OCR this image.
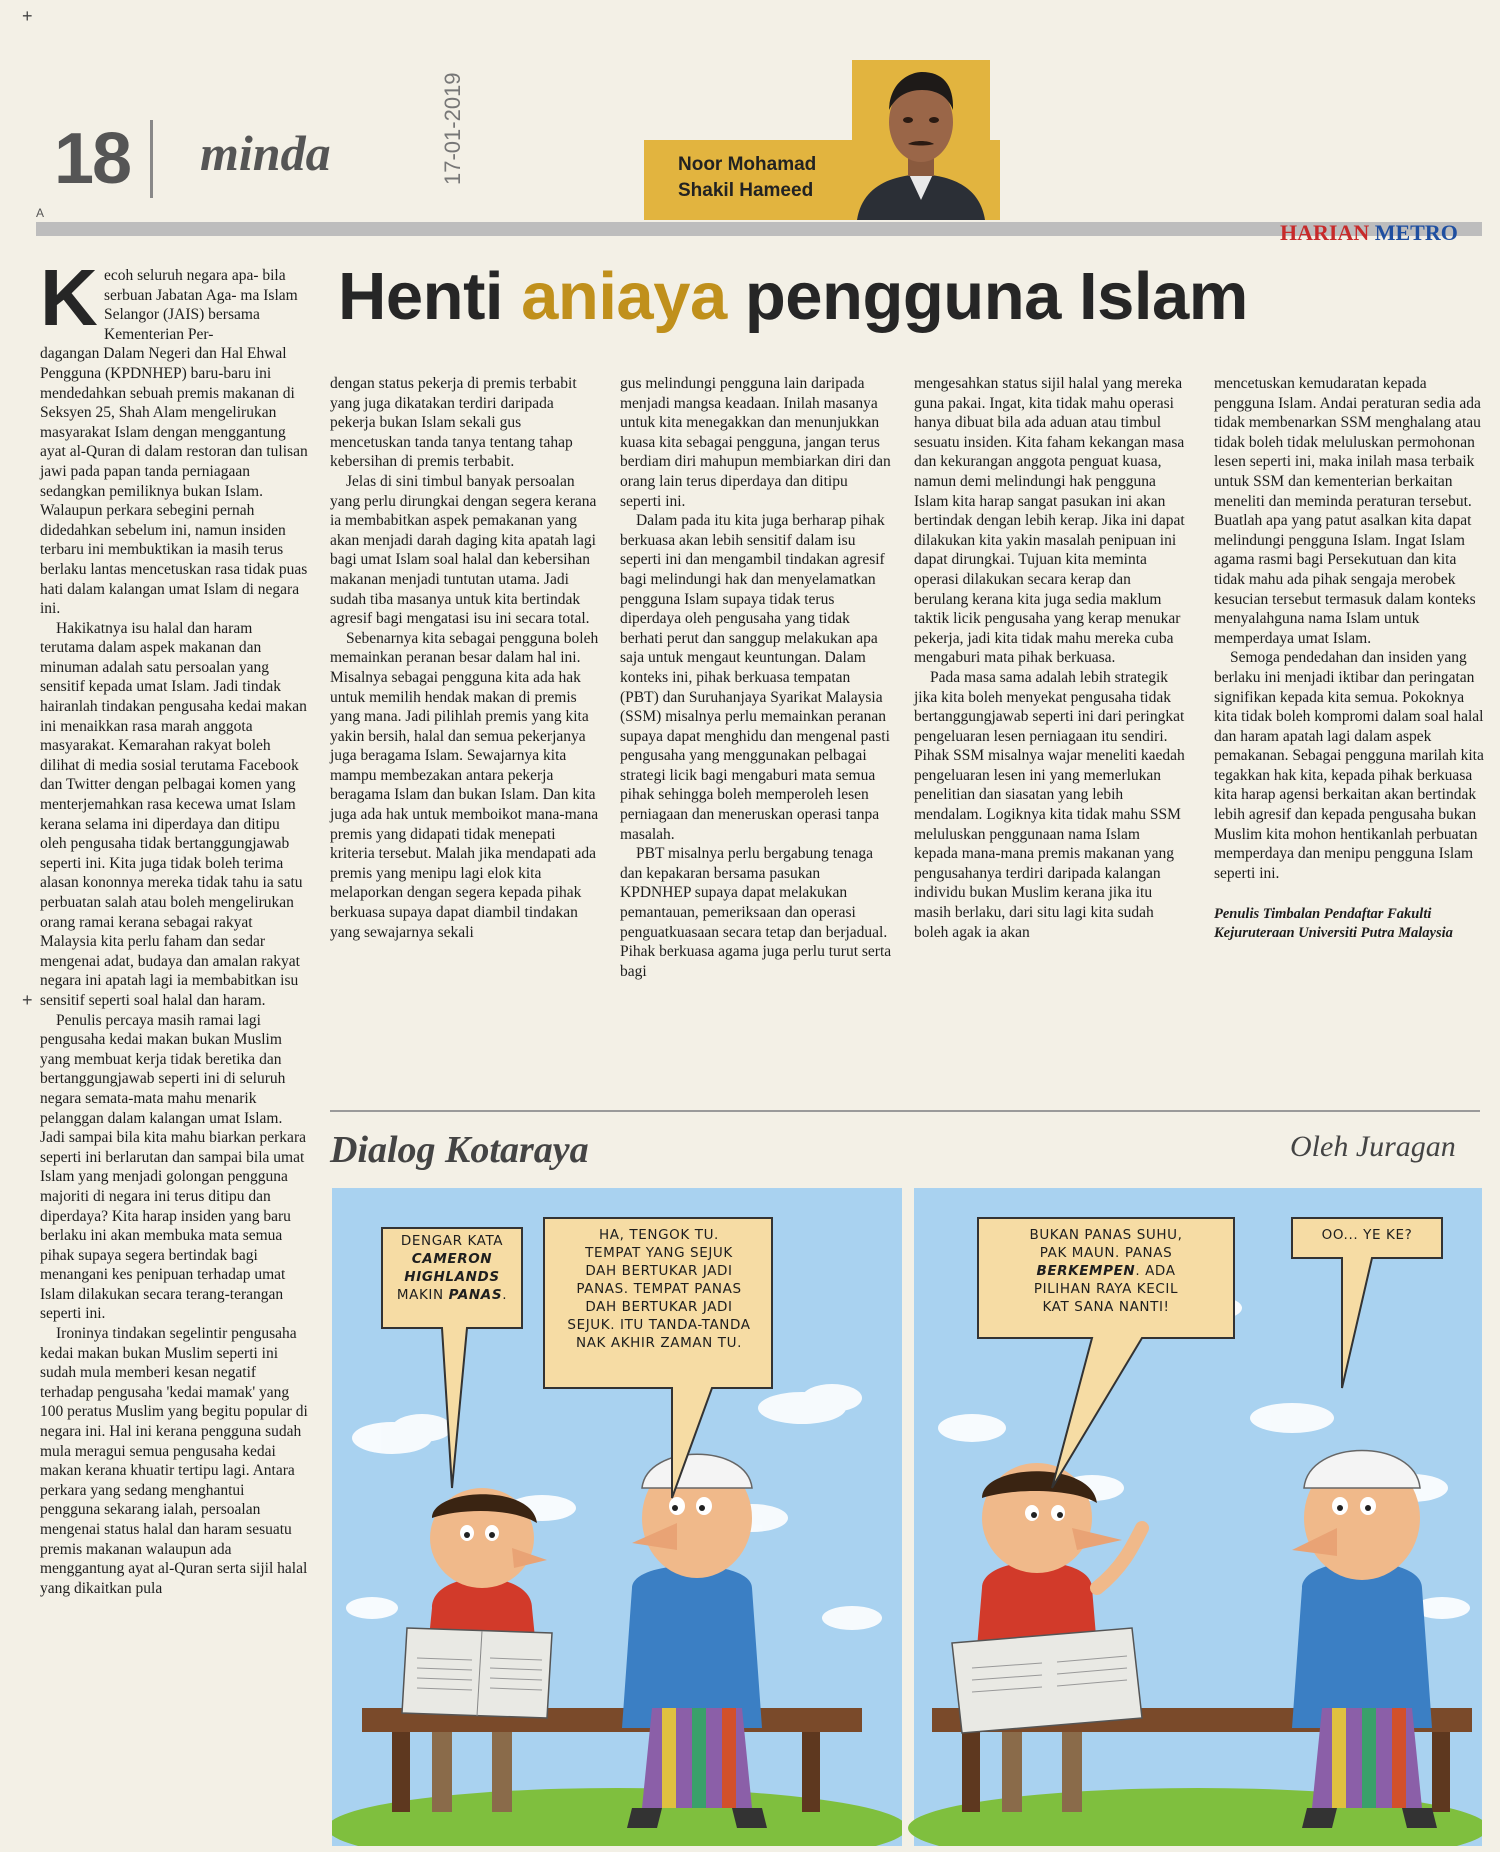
+
+
18
A
minda	17-01-2019	Noor Mohamad
Shakil Hameed
HARIAN METRO
Henti aniaya pengguna Islam
K ecoh seluruh negara apa- bila serbuan Jabatan Aga- ma Islam Selangor (JAIS) bersama Kementerian Per-
dagangan Dalam Negeri dan Hal Ehwal Pengguna (KPDNHEP) baru-baru ini mendedahkan sebuah premis makanan di Seksyen 25, Shah Alam mengelirukan masyarakat Islam dengan menggantung ayat al-Quran di dalam restoran dan tulisan jawi pada papan tanda perniagaan sedangkan pemiliknya bukan Islam. Walaupun perkara sebegini pernah didedahkan sebelum ini, namun insiden terbaru ini membuktikan ia masih terus berlaku lantas mencetuskan rasa tidak puas hati dalam kalangan umat Islam di negara ini.

Hakikatnya isu halal dan haram terutama dalam aspek makanan dan minuman adalah satu persoalan yang sensitif kepada umat Islam. Jadi tindak hairanlah tindakan pengusaha kedai makan ini menaikkan rasa marah anggota masyarakat. Kemarahan rakyat boleh dilihat di media sosial terutama Facebook dan Twitter dengan pelbagai komen yang menterjemahkan rasa kecewa umat Islam kerana selama ini diperdaya dan ditipu oleh pengusaha tidak bertanggungjawab seperti ini. Kita juga tidak boleh terima alasan kononnya mereka tidak tahu ia satu perbuatan salah atau boleh mengelirukan orang ramai kerana sebagai rakyat Malaysia kita perlu faham dan sedar mengenai adat, budaya dan amalan rakyat negara ini apatah lagi ia membabitkan isu sensitif seperti soal halal dan haram.

Penulis percaya masih ramai lagi pengusaha kedai makan bukan Muslim yang membuat kerja tidak beretika dan bertanggungjawab seperti ini di seluruh negara semata-mata mahu menarik pelanggan dalam kalangan umat Islam. Jadi sampai bila kita mahu biarkan perkara seperti ini berlarutan dan sampai bila umat Islam yang menjadi golongan pengguna majoriti di negara ini terus ditipu dan diperdaya? Kita harap insiden yang baru berlaku ini akan membuka mata semua pihak supaya segera bertindak bagi menangani kes penipuan terhadap umat Islam dilakukan secara terang-terangan seperti ini.

Ironinya tindakan segelintir pengusaha kedai makan bukan Muslim seperti ini sudah mula memberi kesan negatif terhadap pengusaha 'kedai mamak' yang 100 peratus Muslim yang begitu popular di negara ini. Hal ini kerana pengguna sudah mula meragui semua pengusaha kedai makan kerana khuatir tertipu lagi. Antara perkara yang sedang menghantui pengguna sekarang ialah, persoalan mengenai status halal dan haram sesuatu premis makanan walaupun ada menggantung ayat al-Quran serta sijil halal yang dikaitkan pula

dengan status pekerja di premis terbabit yang juga dikatakan terdiri daripada pekerja bukan Islam sekali gus mencetuskan tanda tanya tentang tahap kebersihan di premis terbabit.

Jelas di sini timbul banyak persoalan yang perlu dirungkai dengan segera kerana ia membabitkan aspek pemakanan yang akan menjadi darah daging kita apatah lagi bagi umat Islam soal halal dan kebersihan makanan menjadi tuntutan utama. Jadi sudah tiba masanya untuk kita bertindak agresif bagi mengatasi isu ini secara total.

Sebenarnya kita sebagai pengguna boleh memainkan peranan besar dalam hal ini. Misalnya sebagai pengguna kita ada hak untuk memilih hendak makan di premis yang mana. Jadi pilihlah premis yang kita yakin bersih, halal dan semua pekerjanya juga beragama Islam. Sewajarnya kita mampu membezakan antara pekerja beragama Islam dan bukan Islam. Dan kita juga ada hak untuk memboikot mana-mana premis yang didapati tidak menepati kriteria tersebut. Malah jika mendapati ada premis yang menipu lagi elok kita melaporkan dengan segera kepada pihak berkuasa supaya dapat diambil tindakan yang sewajarnya sekali

gus melindungi pengguna lain daripada menjadi mangsa keadaan. Inilah masanya untuk kita menegakkan dan menunjukkan kuasa kita sebagai pengguna, jangan terus berdiam diri mahupun membiarkan diri dan orang lain terus diperdaya dan ditipu seperti ini.

Dalam pada itu kita juga berharap pihak berkuasa akan lebih sensitif dalam isu seperti ini dan mengambil tindakan agresif bagi melindungi hak dan menyelamatkan pengguna Islam supaya tidak terus diperdaya oleh pengusaha yang tidak berhati perut dan sanggup melakukan apa saja untuk mengaut keuntungan. Dalam konteks ini, pihak berkuasa tempatan (PBT) dan Suruhanjaya Syarikat Malaysia (SSM) misalnya perlu memainkan peranan supaya dapat menghidu dan mengenal pasti pengusaha yang menggunakan pelbagai strategi licik bagi mengaburi mata semua pihak sehingga boleh memperoleh lesen perniagaan dan meneruskan operasi tanpa masalah.

PBT misalnya perlu bergabung tenaga dan kepakaran bersama pasukan KPDNHEP supaya dapat melakukan pemantauan, pemeriksaan dan operasi penguatkuasaan secara tetap dan berjadual. Pihak berkuasa agama juga perlu turut serta bagi

mengesahkan status sijil halal yang mereka guna pakai. Ingat, kita tidak mahu operasi hanya dibuat bila ada aduan atau timbul sesuatu insiden. Kita faham kekangan masa dan kekurangan anggota penguat kuasa, namun demi melindungi hak pengguna Islam kita harap sangat pasukan ini akan bertindak dengan lebih kerap. Jika ini dapat dilakukan kita yakin masalah penipuan ini dapat dirungkai. Tujuan kita meminta operasi dilakukan secara kerap dan berulang kerana kita juga sedia maklum taktik licik pengusaha yang kerap menukar pekerja, jadi kita tidak mahu mereka cuba mengaburi mata pihak berkuasa.

Pada masa sama adalah lebih strategik jika kita boleh menyekat pengusaha tidak bertanggungjawab seperti ini dari peringkat pengeluaran lesen perniagaan itu sendiri. Pihak SSM misalnya wajar meneliti kaedah pengeluaran lesen ini yang memerlukan penelitian dan siasatan yang lebih mendalam. Logiknya kita tidak mahu SSM meluluskan penggunaan nama Islam kepada mana-mana premis makanan yang pengusahanya terdiri daripada kalangan individu bukan Muslim kerana jika itu masih berlaku, dari situ lagi kita sudah boleh agak ia akan

mencetuskan kemudaratan kepada pengguna Islam. Andai peraturan sedia ada tidak membenarkan SSM menghalang atau tidak boleh tidak meluluskan permohonan lesen seperti ini, maka inilah masa terbaik untuk SSM dan kementerian berkaitan meneliti dan meminda peraturan tersebut. Buatlah apa yang patut asalkan kita dapat melindungi pengguna Islam. Ingat Islam agama rasmi bagi Persekutuan dan kita tidak mahu ada pihak sengaja merobek kesucian tersebut termasuk dalam konteks menyalahguna nama Islam untuk memperdaya umat Islam.

Semoga pendedahan dan insiden yang berlaku ini menjadi iktibar dan peringatan signifikan kepada kita semua. Pokoknya kita tidak boleh kompromi dalam soal halal dan haram apatah lagi dalam aspek pemakanan. Sebagai pengguna marilah kita tegakkan hak kita, kepada pihak berkuasa kita harap agensi berkaitan akan bertindak lebih agresif dan kepada pengusaha bukan Muslim kita mohon hentikanlah perbuatan memperdaya dan menipu pengguna Islam seperti ini.

Penulis Timbalan Pendaftar Fakulti Kejuruteraan Universiti Putra Malaysia
Dialog Kotaraya	Oleh Juragan
DENGAR KATA
CAMERON
HIGHLANDS
MAKIN PANAS.
HA, TENGOK TU.
TEMPAT YANG SEJUK
DAH BERTUKAR JADI
PANAS. TEMPAT PANAS
DAH BERTUKAR JADI
SEJUK. ITU TANDA-TANDA
NAK AKHIR ZAMAN TU.
BUKAN PANAS SUHU,
PAK MAUN. PANAS
BERKEMPEN. ADA
PILIHAN RAYA KECIL
KAT SANA NANTI!
OO... YE KE?
